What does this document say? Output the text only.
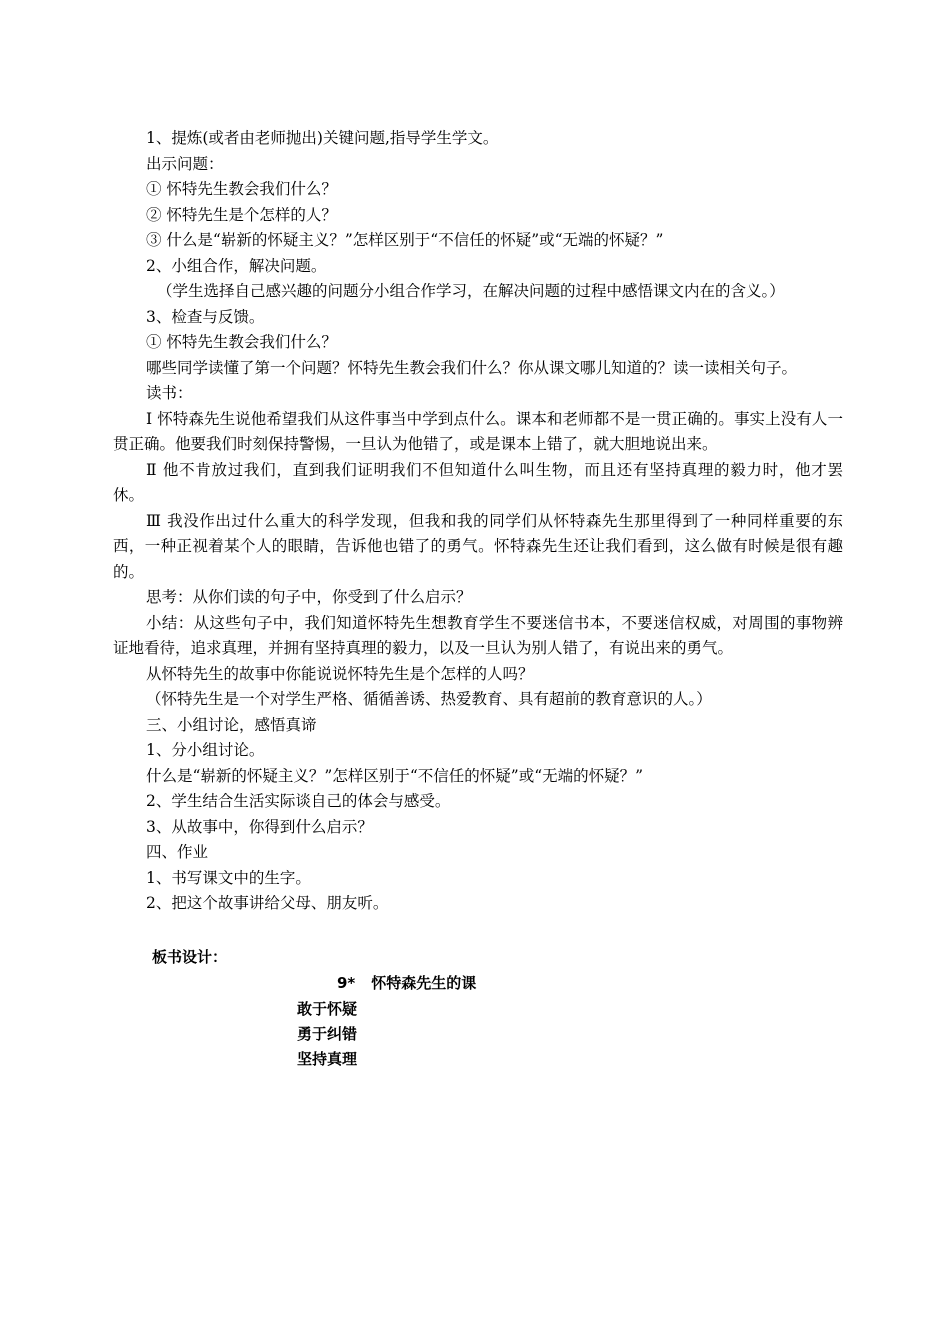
1、提炼(或者由老师抛出)关键问题,指导学生学文。

出示问题：

① 怀特先生教会我们什么？

② 怀特先生是个怎样的人？

③ 什么是“崭新的怀疑主义？”怎样区别于“不信任的怀疑”或“无端的怀疑？”

2、小组合作，解决问题。

（学生选择自己感兴趣的问题分小组合作学习，在解决问题的过程中感悟课文内在的含义。）

3、检查与反馈。

① 怀特先生教会我们什么？

哪些同学读懂了第一个问题？怀特先生教会我们什么？你从课文哪儿知道的？读一读相关句子。

读书：

Ⅰ 怀特森先生说他希望我们从这件事当中学到点什么。课本和老师都不是一贯正确的。事实上没有人一贯正确。他要我们时刻保持警惕，一旦认为他错了，或是课本上错了，就大胆地说出来。

Ⅱ 他不肯放过我们，直到我们证明我们不但知道什么叫生物，而且还有坚持真理的毅力时，他才罢休。

Ⅲ 我没作出过什么重大的科学发现，但我和我的同学们从怀特森先生那里得到了一种同样重要的东西，一种正视着某个人的眼睛，告诉他也错了的勇气。怀特森先生还让我们看到，这么做有时候是很有趣的。

思考：从你们读的句子中，你受到了什么启示？

小结：从这些句子中，我们知道怀特先生想教育学生不要迷信书本，不要迷信权威，对周围的事物辨证地看待，追求真理，并拥有坚持真理的毅力，以及一旦认为别人错了，有说出来的勇气。

从怀特先生的故事中你能说说怀特先生是个怎样的人吗？

（怀特先生是一个对学生严格、循循善诱、热爱教育、具有超前的教育意识的人。）

三、小组讨论，感悟真谛

1、分小组讨论。

什么是“崭新的怀疑主义？”怎样区别于“不信任的怀疑”或“无端的怀疑？”

2、学生结合生活实际谈自己的体会与感受。

3、从故事中，你得到什么启示？

四、作业

1、书写课文中的生字。

2、把这个故事讲给父母、朋友听。

板书设计：
9* 怀特森先生的课
敢于怀疑
勇于纠错
坚持真理
